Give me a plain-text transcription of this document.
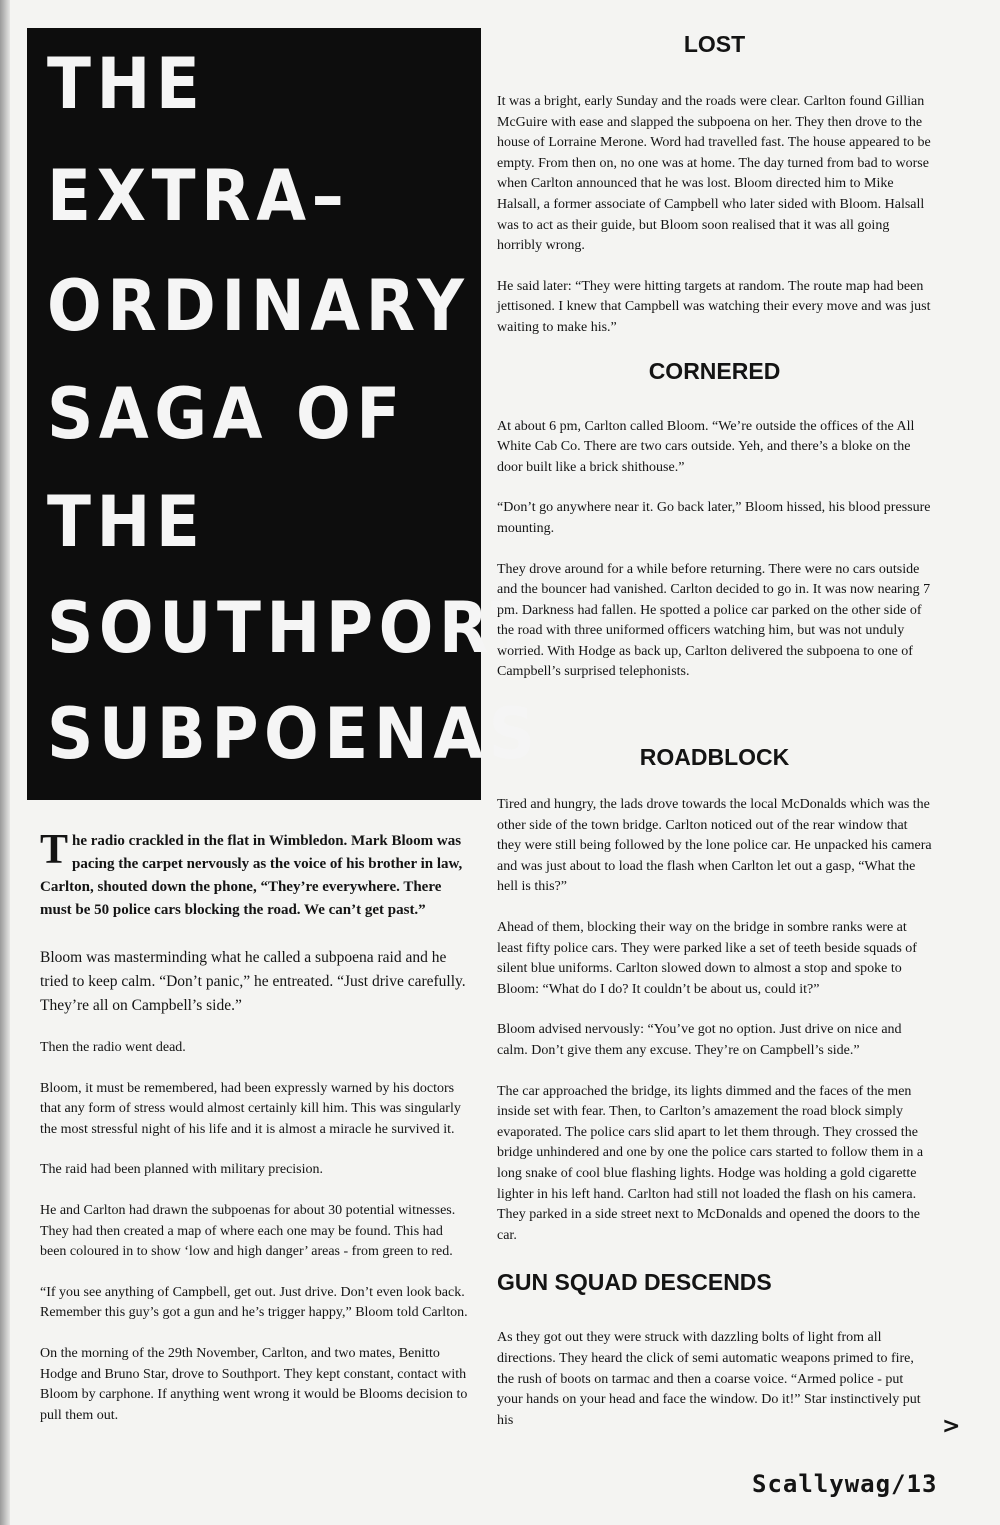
THE
EXTRA–
ORDINARY
SAGA OF
THE
SOUTHPORT
SUBPOENAS

The radio crackled in the flat in Wimbledon. Mark Bloom was pacing the carpet nervously as the voice of his brother in law, Carlton, shouted down the phone, “They’re everywhere. There must be 50 police cars blocking the road. We can’t get past.”

Bloom was masterminding what he called a subpoena raid and he tried to keep calm. “Don’t panic,” he entreated. “Just drive carefully. They’re all on Campbell’s side.”

Then the radio went dead.

Bloom, it must be remembered, had been expressly warned by his doctors that any form of stress would almost certainly kill him. This was singularly the most stressful night of his life and it is almost a miracle he survived it.

The raid had been planned with military precision.

He and Carlton had drawn the subpoenas for about 30 potential witnesses. They had then created a map of where each one may be found. This had been coloured in to show ‘low and high danger’ areas - from green to red.

“If you see anything of Campbell, get out. Just drive. Don’t even look back. Remember this guy’s got a gun and he’s trigger happy,” Bloom told Carlton.

On the morning of the 29th November, Carlton, and two mates, Benitto Hodge and Bruno Star, drove to Southport. They kept constant, contact with Bloom by carphone. If anything went wrong it would be Blooms decision to pull them out.

LOST

It was a bright, early Sunday and the roads were clear. Carlton found Gillian McGuire with ease and slapped the subpoena on her. They then drove to the house of Lorraine Merone. Word had travelled fast. The house appeared to be empty. From then on, no one was at home. The day turned from bad to worse when Carlton announced that he was lost. Bloom directed him to Mike Halsall, a former associate of Campbell who later sided with Bloom. Halsall was to act as their guide, but Bloom soon realised that it was all going horribly wrong.

He said later: “They were hitting targets at random. The route map had been jettisoned. I knew that Campbell was watching their every move and was just waiting to make his.”

CORNERED

At about 6 pm, Carlton called Bloom. “We’re outside the offices of the All White Cab Co. There are two cars outside. Yeh, and there’s a bloke on the door built like a brick shithouse.”

“Don’t go anywhere near it. Go back later,” Bloom hissed, his blood pressure mounting.

They drove around for a while before returning. There were no cars outside and the bouncer had vanished. Carlton decided to go in. It was now nearing 7 pm. Darkness had fallen. He spotted a police car parked on the other side of the road with three uniformed officers watching him, but was not unduly worried. With Hodge as back up, Carlton delivered the subpoena to one of Campbell’s surprised telephonists.

ROADBLOCK

Tired and hungry, the lads drove towards the local McDonalds which was the other side of the town bridge. Carlton noticed out of the rear window that they were still being followed by the lone police car. He unpacked his camera and was just about to load the flash when Carlton let out a gasp, “What the hell is this?”

Ahead of them, blocking their way on the bridge in sombre ranks were at least fifty police cars. They were parked like a set of teeth beside squads of silent blue uniforms. Carlton slowed down to almost a stop and spoke to Bloom: “What do I do? It couldn’t be about us, could it?”

Bloom advised nervously: “You’ve got no option. Just drive on nice and calm. Don’t give them any excuse. They’re on Campbell’s side.”

The car approached the bridge, its lights dimmed and the faces of the men inside set with fear. Then, to Carlton’s amazement the road block simply evaporated. The police cars slid apart to let them through. They crossed the bridge unhindered and one by one the police cars started to follow them in a long snake of cool blue flashing lights. Hodge was holding a gold cigarette lighter in his left hand. Carlton had still not loaded the flash on his camera. They parked in a side street next to McDonalds and opened the doors to the car.

GUN SQUAD DESCENDS

As they got out they were struck with dazzling bolts of light from all directions. They heard the click of semi automatic weapons primed to fire, the rush of boots on tarmac and then a coarse voice. “Armed police - put your hands on your head and face the window. Do it!” Star instinctively put his	>
Scallywag/13
